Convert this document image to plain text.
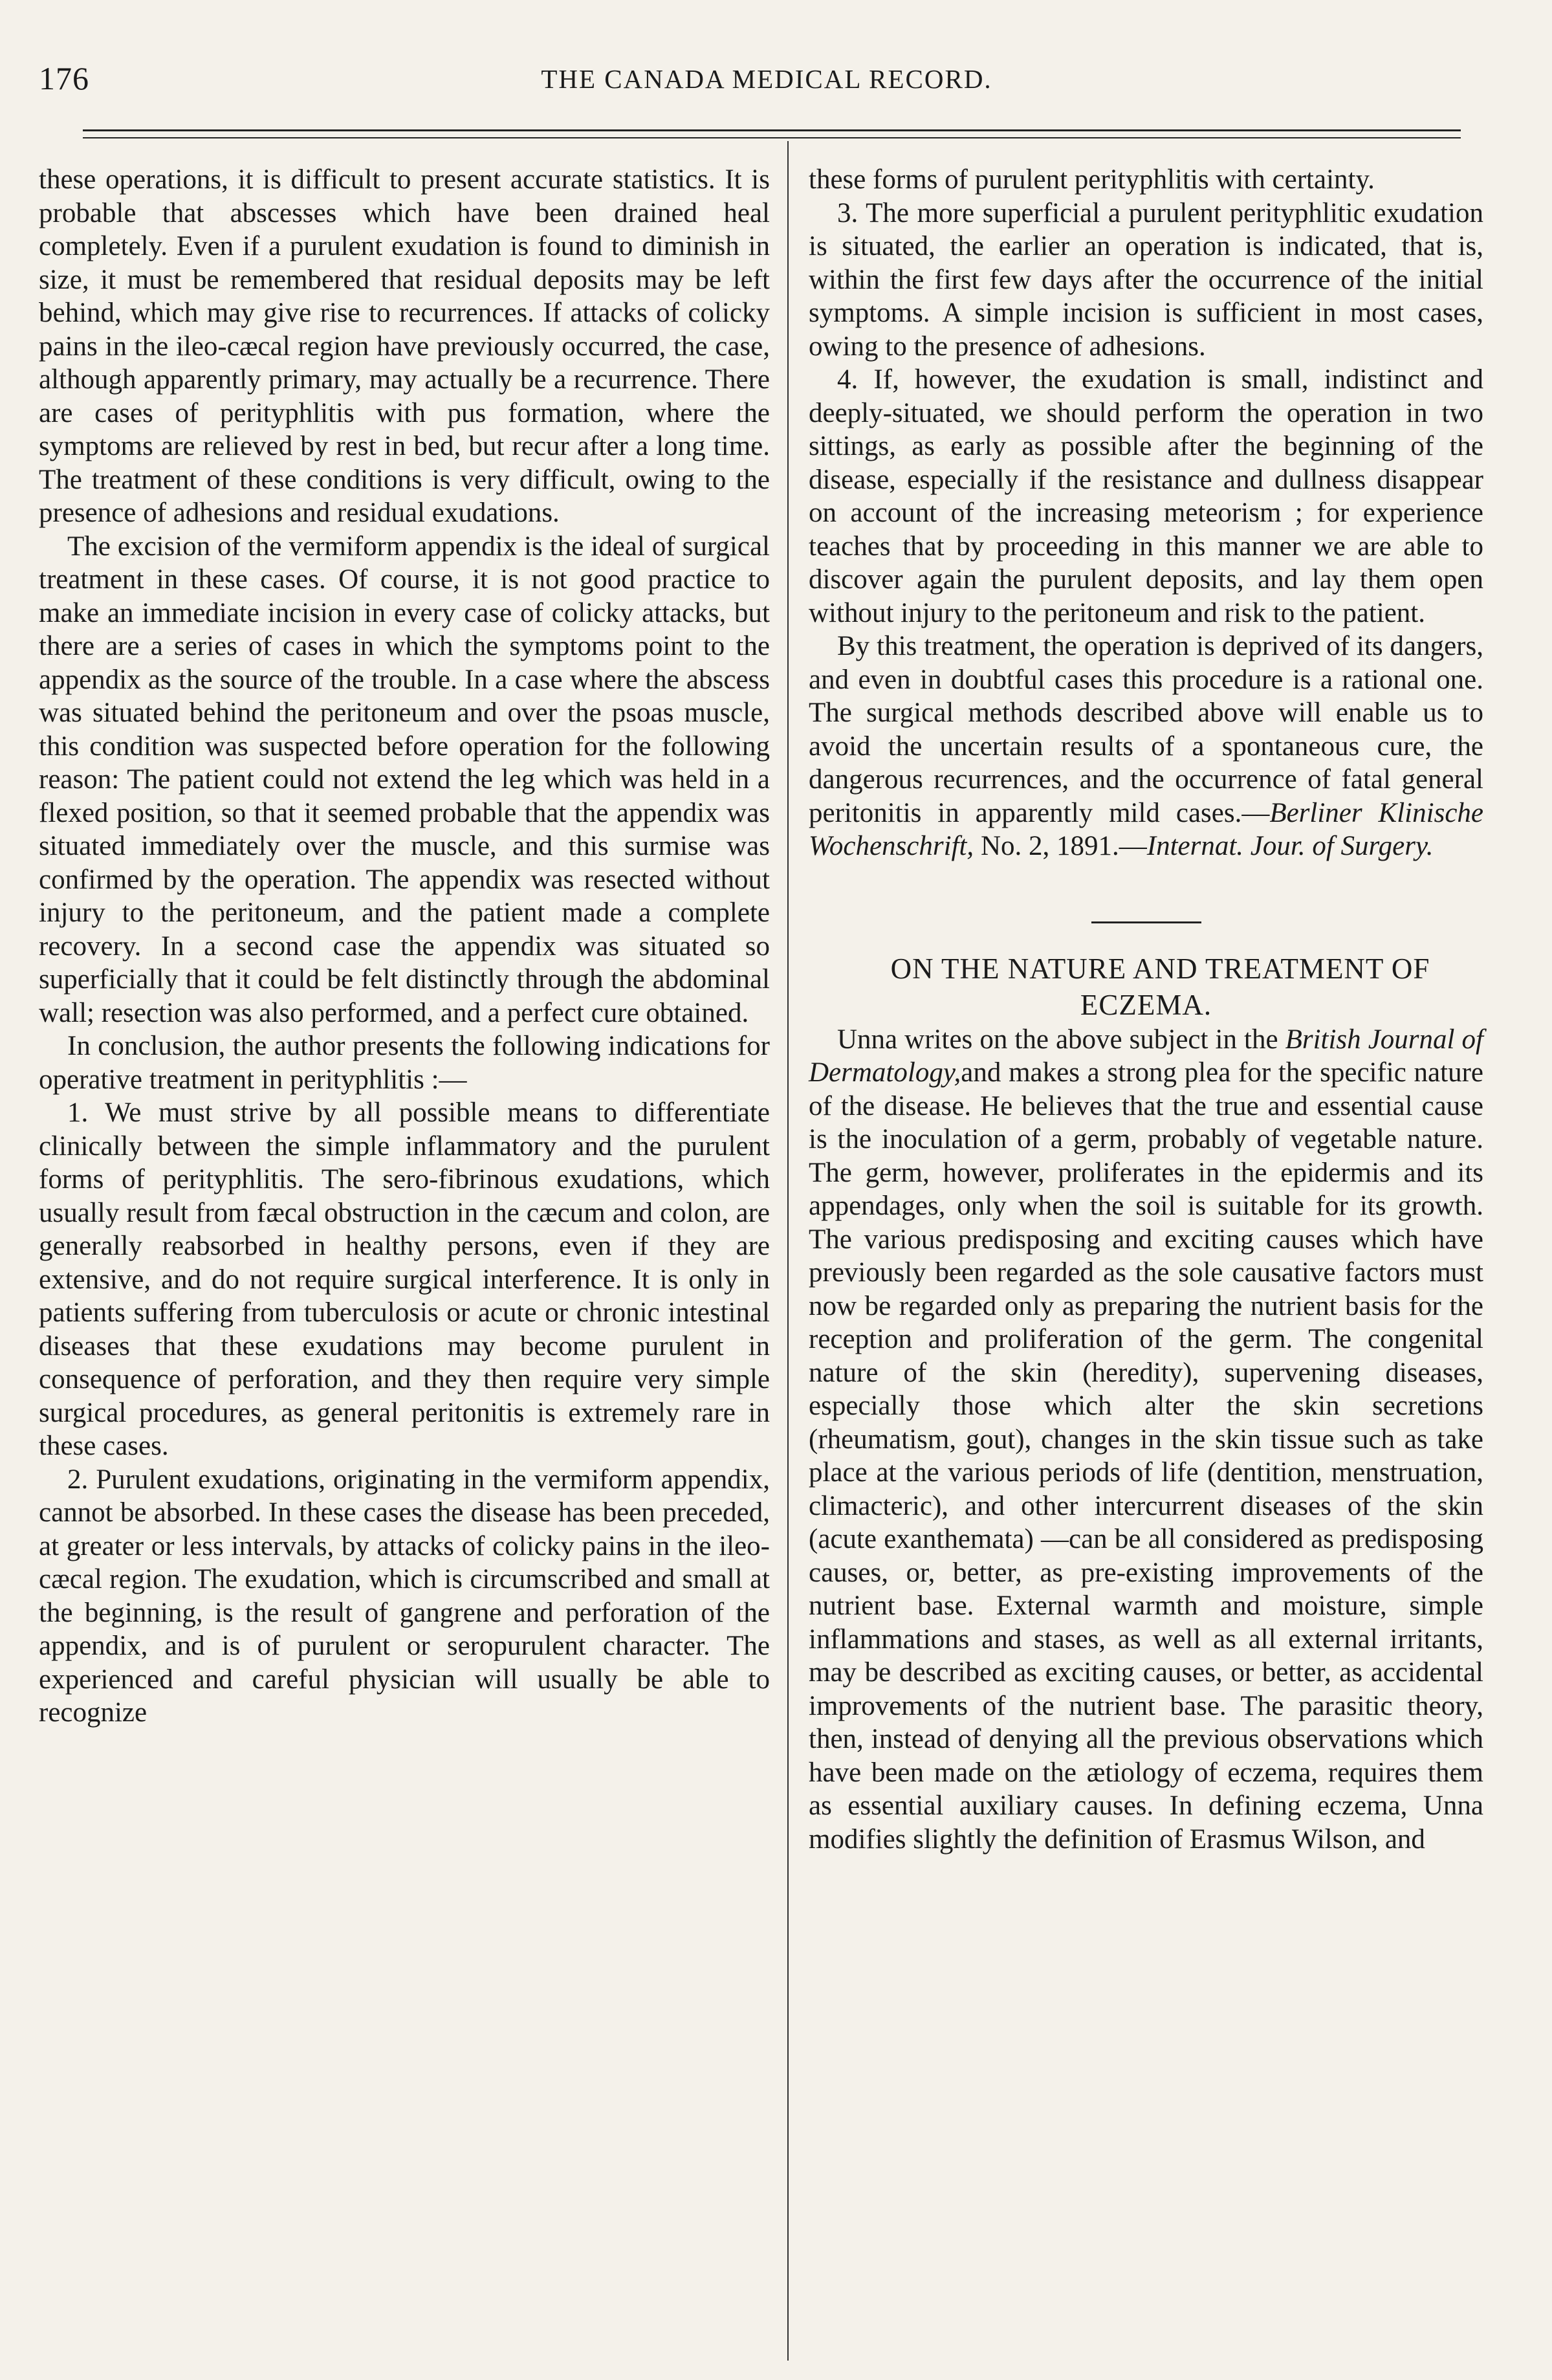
176	THE CANADA MEDICAL RECORD.

these operations, it is difficult to present accurate statistics. It is probable that abscesses which have been drained heal completely. Even if a purulent exudation is found to diminish in size, it must be remembered that residual deposits may be left behind, which may give rise to recurrences. If attacks of colicky pains in the ileo-cæcal region have previously occurred, the case, although apparently primary, may actually be a recurrence. There are cases of perityphlitis with pus formation, where the symptoms are relieved by rest in bed, but recur after a long time. The treatment of these conditions is very difficult, owing to the presence of adhesions and residual exudations.

The excision of the vermiform appendix is the ideal of surgical treatment in these cases. Of course, it is not good practice to make an immediate incision in every case of colicky attacks, but there are a series of cases in which the symptoms point to the appendix as the source of the trouble. In a case where the abscess was situated behind the peritoneum and over the psoas muscle, this condition was suspected before operation for the following reason: The patient could not extend the leg which was held in a flexed position, so that it seemed probable that the appendix was situated immediately over the muscle, and this surmise was confirmed by the operation. The appendix was resected without injury to the peritoneum, and the patient made a complete recovery. In a second case the appendix was situated so superficially that it could be felt distinctly through the abdominal wall; resection was also performed, and a perfect cure obtained.

In conclusion, the author presents the following indications for operative treatment in perityphlitis :—

1. We must strive by all possible means to differentiate clinically between the simple inflammatory and the purulent forms of perityphlitis. The sero-fibrinous exudations, which usually result from fæcal obstruction in the cæcum and colon, are generally reabsorbed in healthy persons, even if they are extensive, and do not require surgical interference. It is only in patients suffering from tuberculosis or acute or chronic intestinal diseases that these exudations may become purulent in consequence of perforation, and they then require very simple surgical procedures, as general peritonitis is extremely rare in these cases.

2. Purulent exudations, originating in the vermiform appendix, cannot be absorbed. In these cases the disease has been preceded, at greater or less intervals, by attacks of colicky pains in the ileo-cæcal region. The exudation, which is circumscribed and small at the beginning, is the result of gangrene and perforation of the appendix, and is of purulent or seropurulent character. The experienced and careful physician will usually be able to recognize

these forms of purulent perityphlitis with certainty.

3. The more superficial a purulent perityphlitic exudation is situated, the earlier an operation is indicated, that is, within the first few days after the occurrence of the initial symptoms. A simple incision is sufficient in most cases, owing to the presence of adhesions.

4. If, however, the exudation is small, indistinct and deeply-situated, we should perform the operation in two sittings, as early as possible after the beginning of the disease, especially if the resistance and dullness disappear on account of the increasing meteorism ; for experience teaches that by proceeding in this manner we are able to discover again the purulent deposits, and lay them open without injury to the peritoneum and risk to the patient.

By this treatment, the operation is deprived of its dangers, and even in doubtful cases this procedure is a rational one. The surgical methods described above will enable us to avoid the uncertain results of a spontaneous cure, the dangerous recurrences, and the occurrence of fatal general peritonitis in apparently mild cases.—Berliner Klinische Wochenschrift, No. 2, 1891.—Internat. Jour. of Surgery.

ON THE NATURE AND TREATMENT OF ECZEMA.

Unna writes on the above subject in the British Journal of Dermatology,and makes a strong plea for the specific nature of the disease. He believes that the true and essential cause is the inoculation of a germ, probably of vegetable nature. The germ, however, proliferates in the epidermis and its appendages, only when the soil is suitable for its growth. The various predisposing and exciting causes which have previously been regarded as the sole causative factors must now be regarded only as preparing the nutrient basis for the reception and proliferation of the germ. The congenital nature of the skin (heredity), supervening diseases, especially those which alter the skin secretions (rheumatism, gout), changes in the skin tissue such as take place at the various periods of life (dentition, menstruation, climacteric), and other intercurrent diseases of the skin (acute exanthemata) —can be all considered as predisposing causes, or, better, as pre-existing improvements of the nutrient base. External warmth and moisture, simple inflammations and stases, as well as all external irritants, may be described as exciting causes, or better, as accidental improvements of the nutrient base. The parasitic theory, then, instead of denying all the previous observations which have been made on the ætiology of eczema, requires them as essential auxiliary causes. In defining eczema, Unna modifies slightly the definition of Erasmus Wilson, and
